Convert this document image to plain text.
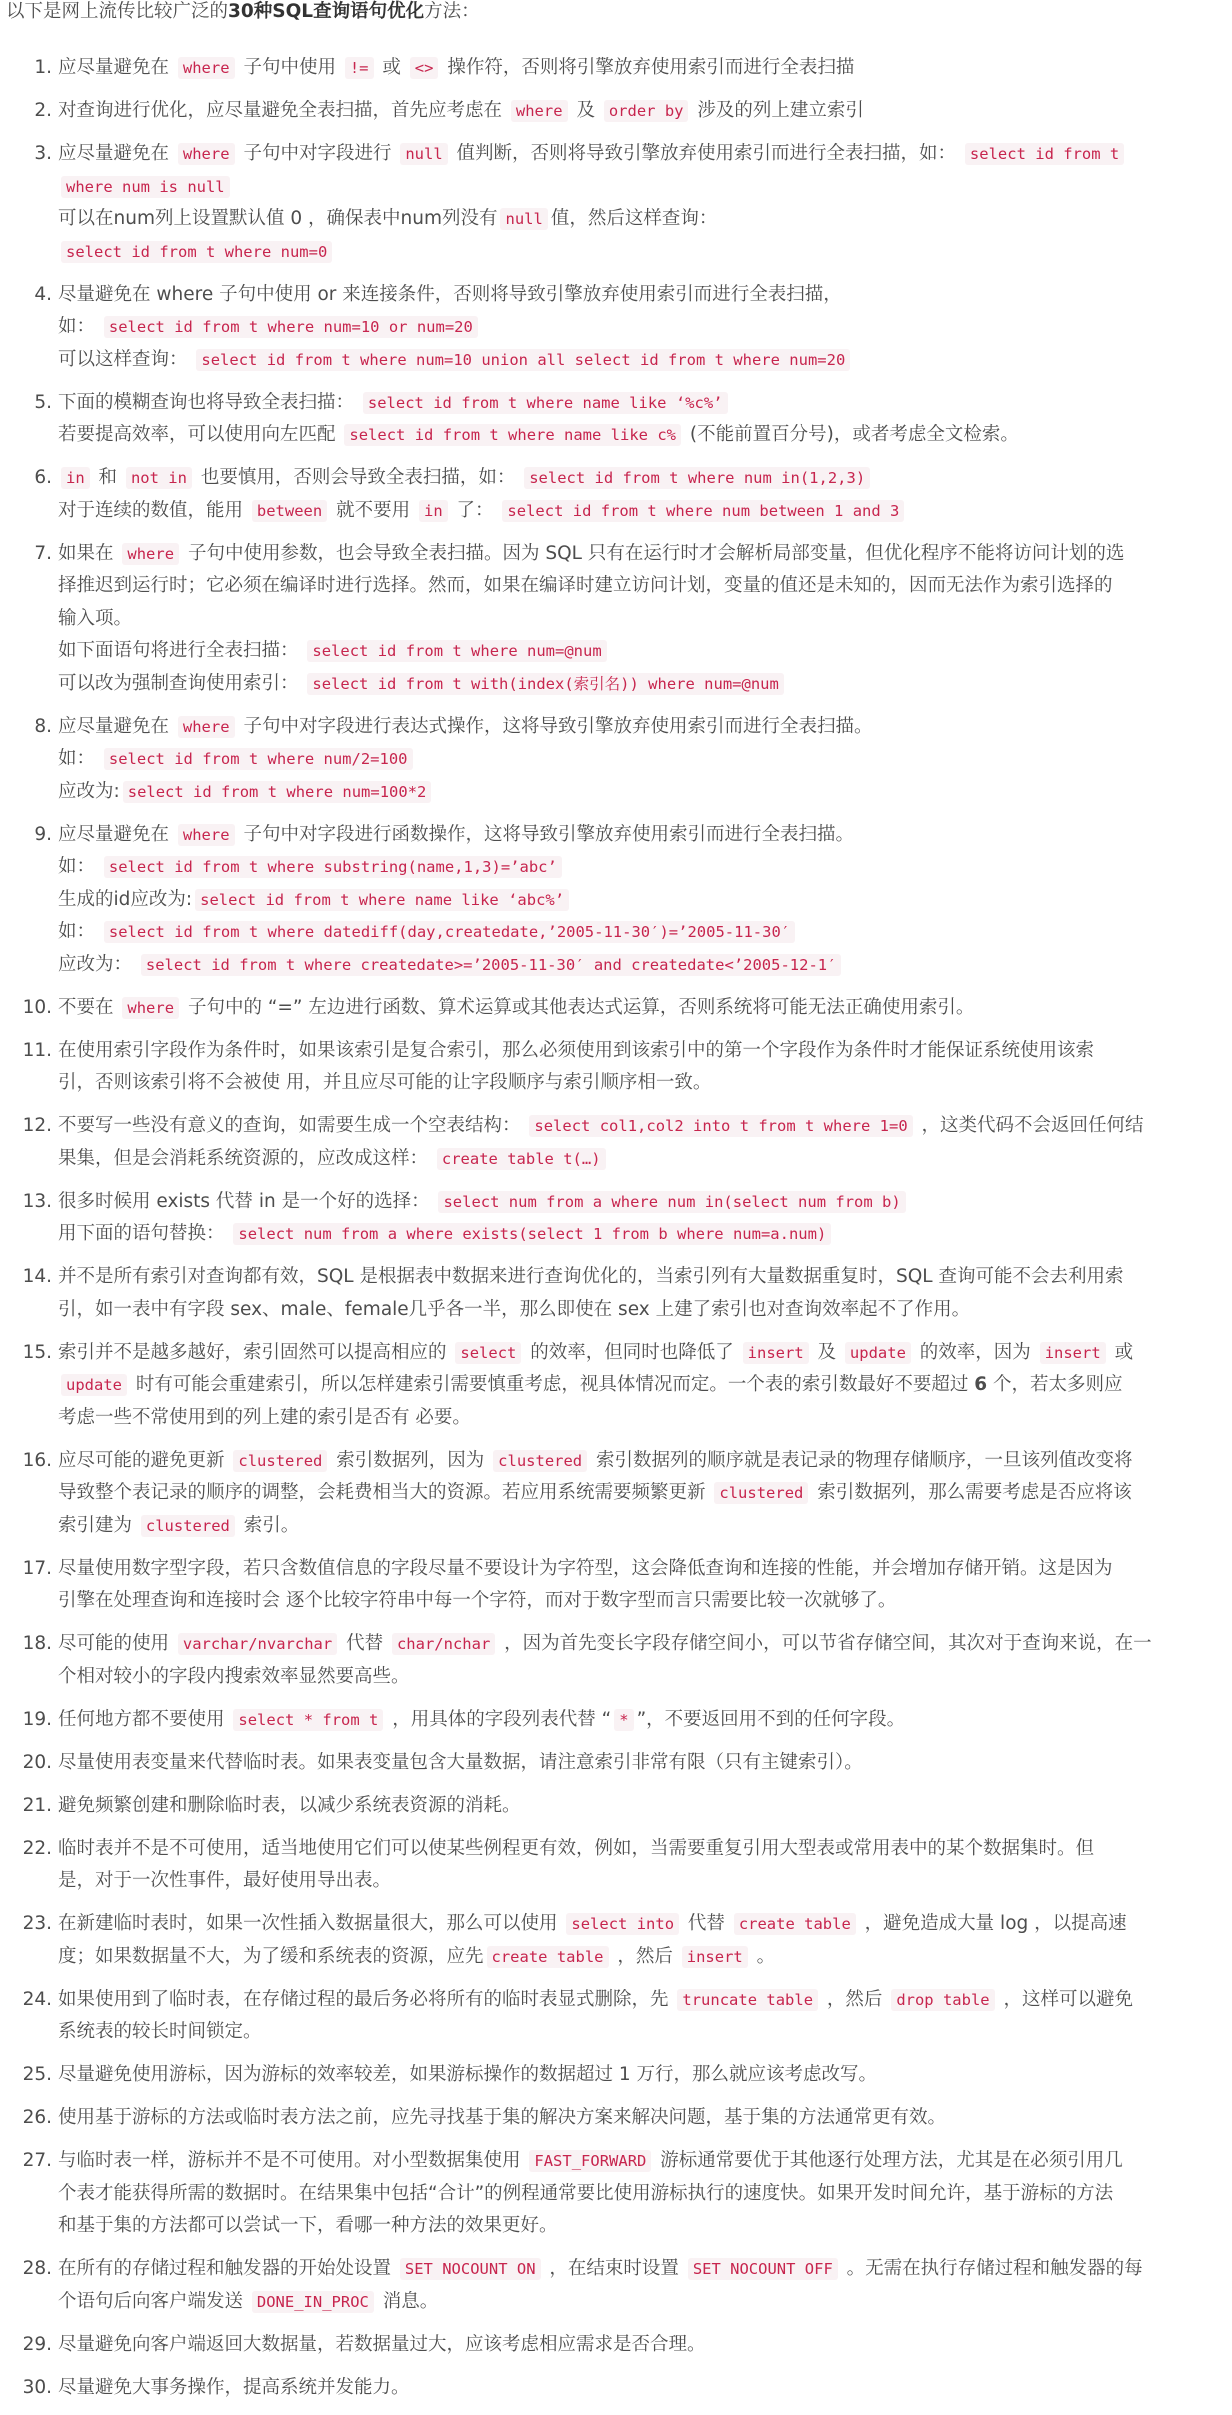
以下是网上流传比较广泛的30种SQL查询语句优化方法：
1. 应尽量避免在 where 子句中使用 != 或 <> 操作符，否则将引擎放弃使用索引而进行全表扫描
2. 对查询进行优化，应尽量避免全表扫描，首先应考虑在 where 及 order by 涉及的列上建立索引
3. 应尽量避免在 where 子句中对字段进行 null 值判断，否则将导致引擎放弃使用索引而进行全表扫描，如： select id from t
where num is null
可以在num列上设置默认值 0 ，确保表中num列没有 null 值，然后这样查询：
select id from t where num=0
4. 尽量避免在 where 子句中使用 or 来连接条件，否则将导致引擎放弃使用索引而进行全表扫描，
如： select id from t where num=10 or num=20
可以这样查询： select id from t where num=10 union all select id from t where num=20
5. 下面的模糊查询也将导致全表扫描： select id from t where name like ‘%c%’
若要提高效率，可以使用向左匹配 select id from t where name like c% (不能前置百分号)，或者考虑全文检索。
6. in 和 not in 也要慎用，否则会导致全表扫描，如： select id from t where num in(1,2,3)
对于连续的数值，能用 between 就不要用 in 了： select id from t where num between 1 and 3
7. 如果在 where 子句中使用参数，也会导致全表扫描。因为 SQL 只有在运行时才会解析局部变量，但优化程序不能将访问计划的选
择推迟到运行时；它必须在编译时进行选择。然而，如果在编译时建立访问计划，变量的值还是未知的，因而无法作为索引选择的
输入项。
如下面语句将进行全表扫描： select id from t where num=@num
可以改为强制查询使用索引： select id from t with(index(索引名)) where num=@num
8. 应尽量避免在 where 子句中对字段进行表达式操作，这将导致引擎放弃使用索引而进行全表扫描。
如： select id from t where num/2=100
应改为: select id from t where num=100*2
9. 应尽量避免在 where 子句中对字段进行函数操作，这将导致引擎放弃使用索引而进行全表扫描。
如： select id from t where substring(name,1,3)=’abc’
生成的id应改为: select id from t where name like ‘abc%’
如： select id from t where datediff(day,createdate,’2005-11-30′)=’2005-11-30′
应改为： select id from t where createdate>=’2005-11-30′ and createdate<’2005-12-1′
10. 不要在 where 子句中的 “=” 左边进行函数、算术运算或其他表达式运算，否则系统将可能无法正确使用索引。
11. 在使用索引字段作为条件时，如果该索引是复合索引，那么必须使用到该索引中的第一个字段作为条件时才能保证系统使用该索
引，否则该索引将不会被使 用，并且应尽可能的让字段顺序与索引顺序相一致。
12. 不要写一些没有意义的查询，如需要生成一个空表结构： select col1,col2 into t from t where 1=0 ，这类代码不会返回任何结
果集，但是会消耗系统资源的，应改成这样： create table t(…)
13. 很多时候用 exists 代替 in 是一个好的选择： select num from a where num in(select num from b)
用下面的语句替换： select num from a where exists(select 1 from b where num=a.num)
14. 并不是所有索引对查询都有效，SQL 是根据表中数据来进行查询优化的，当索引列有大量数据重复时，SQL 查询可能不会去利用索
引，如一表中有字段 sex、male、female几乎各一半，那么即使在 sex 上建了索引也对查询效率起不了作用。
15. 索引并不是越多越好，索引固然可以提高相应的 select 的效率，但同时也降低了 insert 及 update 的效率，因为 insert 或
update 时有可能会重建索引，所以怎样建索引需要慎重考虑，视具体情况而定。一个表的索引数最好不要超过 6 个，若太多则应
考虑一些不常使用到的列上建的索引是否有 必要。
16. 应尽可能的避免更新 clustered 索引数据列，因为 clustered 索引数据列的顺序就是表记录的物理存储顺序，一旦该列值改变将
导致整个表记录的顺序的调整，会耗费相当大的资源。若应用系统需要频繁更新 clustered 索引数据列，那么需要考虑是否应将该
索引建为 clustered 索引。
17. 尽量使用数字型字段，若只含数值信息的字段尽量不要设计为字符型，这会降低查询和连接的性能，并会增加存储开销。这是因为
引擎在处理查询和连接时会 逐个比较字符串中每一个字符，而对于数字型而言只需要比较一次就够了。
18. 尽可能的使用 varchar/nvarchar 代替 char/nchar ，因为首先变长字段存储空间小，可以节省存储空间，其次对于查询来说，在一
个相对较小的字段内搜索效率显然要高些。
19. 任何地方都不要使用 select * from t ，用具体的字段列表代替 “ * ”，不要返回用不到的任何字段。
20. 尽量使用表变量来代替临时表。如果表变量包含大量数据，请注意索引非常有限（只有主键索引）。
21. 避免频繁创建和删除临时表，以减少系统表资源的消耗。
22. 临时表并不是不可使用，适当地使用它们可以使某些例程更有效，例如，当需要重复引用大型表或常用表中的某个数据集时。但
是，对于一次性事件，最好使用导出表。
23. 在新建临时表时，如果一次性插入数据量很大，那么可以使用 select into 代替 create table ，避免造成大量 log ，以提高速
度；如果数据量不大，为了缓和系统表的资源，应先 create table ，然后 insert 。
24. 如果使用到了临时表，在存储过程的最后务必将所有的临时表显式删除，先 truncate table ，然后 drop table ，这样可以避免
系统表的较长时间锁定。
25. 尽量避免使用游标，因为游标的效率较差，如果游标操作的数据超过 1 万行，那么就应该考虑改写。
26. 使用基于游标的方法或临时表方法之前，应先寻找基于集的解决方案来解决问题，基于集的方法通常更有效。
27. 与临时表一样，游标并不是不可使用。对小型数据集使用 FAST_FORWARD 游标通常要优于其他逐行处理方法，尤其是在必须引用几
个表才能获得所需的数据时。在结果集中包括“合计”的例程通常要比使用游标执行的速度快。如果开发时间允许，基于游标的方法
和基于集的方法都可以尝试一下，看哪一种方法的效果更好。
28. 在所有的存储过程和触发器的开始处设置 SET NOCOUNT ON ，在结束时设置 SET NOCOUNT OFF 。无需在执行存储过程和触发器的每
个语句后向客户端发送 DONE_IN_PROC 消息。
29. 尽量避免向客户端返回大数据量，若数据量过大，应该考虑相应需求是否合理。
30. 尽量避免大事务操作，提高系统并发能力。
